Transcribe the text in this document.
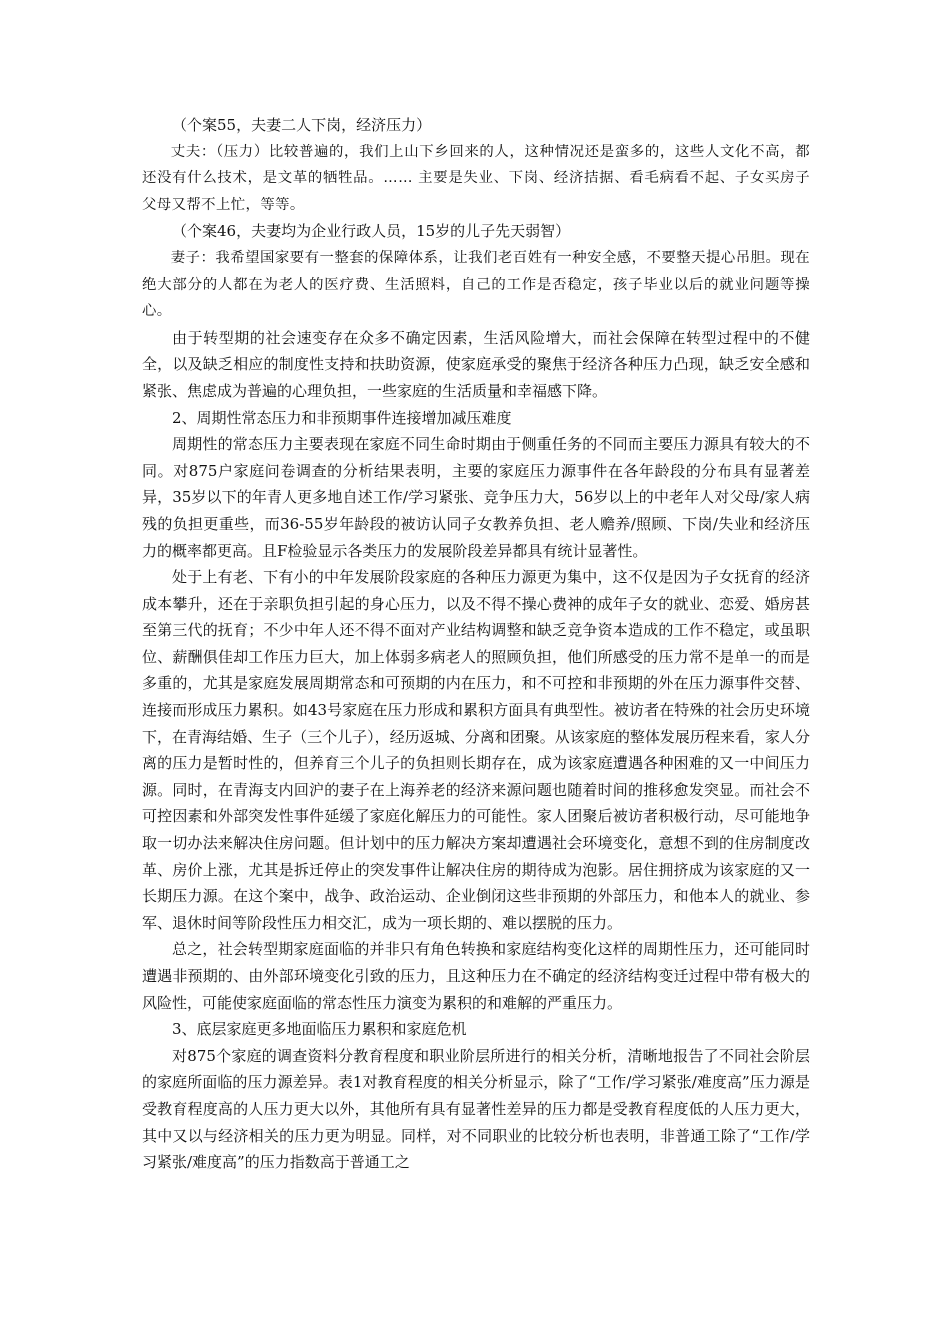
（个案55，夫妻二人下岗，经济压力）

丈夫：（压力）比较普遍的，我们上山下乡回来的人，这种情况还是蛮多的，这些人文化不高，都还没有什么技术，是文革的牺牲品。…… 主要是失业、下岗、经济拮据、看毛病看不起、子女买房子父母又帮不上忙，等等。

（个案46，夫妻均为企业行政人员，15岁的儿子先天弱智）

妻子：我希望国家要有一整套的保障体系，让我们老百姓有一种安全感，不要整天提心吊胆。现在绝大部分的人都在为老人的医疗费、生活照料，自己的工作是否稳定，孩子毕业以后的就业问题等操心。

由于转型期的社会速变存在众多不确定因素，生活风险增大，而社会保障在转型过程中的不健全，以及缺乏相应的制度性支持和扶助资源，使家庭承受的聚焦于经济各种压力凸现，缺乏安全感和紧张、焦虑成为普遍的心理负担，一些家庭的生活质量和幸福感下降。

2、周期性常态压力和非预期事件连接增加减压难度

周期性的常态压力主要表现在家庭不同生命时期由于侧重任务的不同而主要压力源具有较大的不同。对875户家庭问卷调查的分析结果表明，主要的家庭压力源事件在各年龄段的分布具有显著差异，35岁以下的年青人更多地自述工作/学习紧张、竞争压力大，56岁以上的中老年人对父母/家人病残的负担更重些，而36-55岁年龄段的被访认同子女教养负担、老人赡养/照顾、下岗/失业和经济压力的概率都更高。且F检验显示各类压力的发展阶段差异都具有统计显著性。

处于上有老、下有小的中年发展阶段家庭的各种压力源更为集中，这不仅是因为子女抚育的经济成本攀升，还在于亲职负担引起的身心压力，以及不得不操心费神的成年子女的就业、恋爱、婚房甚至第三代的抚育；不少中年人还不得不面对产业结构调整和缺乏竞争资本造成的工作不稳定，或虽职位、薪酬俱佳却工作压力巨大，加上体弱多病老人的照顾负担，他们所感受的压力常不是单一的而是多重的，尤其是家庭发展周期常态和可预期的内在压力，和不可控和非预期的外在压力源事件交替、连接而形成压力累积。如43号家庭在压力形成和累积方面具有典型性。被访者在特殊的社会历史环境下，在青海结婚、生子（三个儿子），经历返城、分离和团聚。从该家庭的整体发展历程来看，家人分离的压力是暂时性的，但养育三个儿子的负担则长期存在，成为该家庭遭遇各种困难的又一中间压力源。同时，在青海支内回沪的妻子在上海养老的经济来源问题也随着时间的推移愈发突显。而社会不可控因素和外部突发性事件延缓了家庭化解压力的可能性。家人团聚后被访者积极行动，尽可能地争取一切办法来解决住房问题。但计划中的压力解决方案却遭遇社会环境变化，意想不到的住房制度改革、房价上涨，尤其是拆迁停止的突发事件让解决住房的期待成为泡影。居住拥挤成为该家庭的又一长期压力源。在这个案中，战争、政治运动、企业倒闭这些非预期的外部压力，和他本人的就业、参军、退休时间等阶段性压力相交汇，成为一项长期的、难以摆脱的压力。

总之，社会转型期家庭面临的并非只有角色转换和家庭结构变化这样的周期性压力，还可能同时遭遇非预期的、由外部环境变化引致的压力，且这种压力在不确定的经济结构变迁过程中带有极大的风险性，可能使家庭面临的常态性压力演变为累积的和难解的严重压力。

3、底层家庭更多地面临压力累积和家庭危机

对875个家庭的调查资料分教育程度和职业阶层所进行的相关分析，清晰地报告了不同社会阶层的家庭所面临的压力源差异。表1对教育程度的相关分析显示，除了“工作/学习紧张/难度高”压力源是受教育程度高的人压力更大以外，其他所有具有显著性差异的压力都是受教育程度低的人压力更大，其中又以与经济相关的压力更为明显。同样，对不同职业的比较分析也表明，非普通工除了“工作/学习紧张/难度高”的压力指数高于普通工之
